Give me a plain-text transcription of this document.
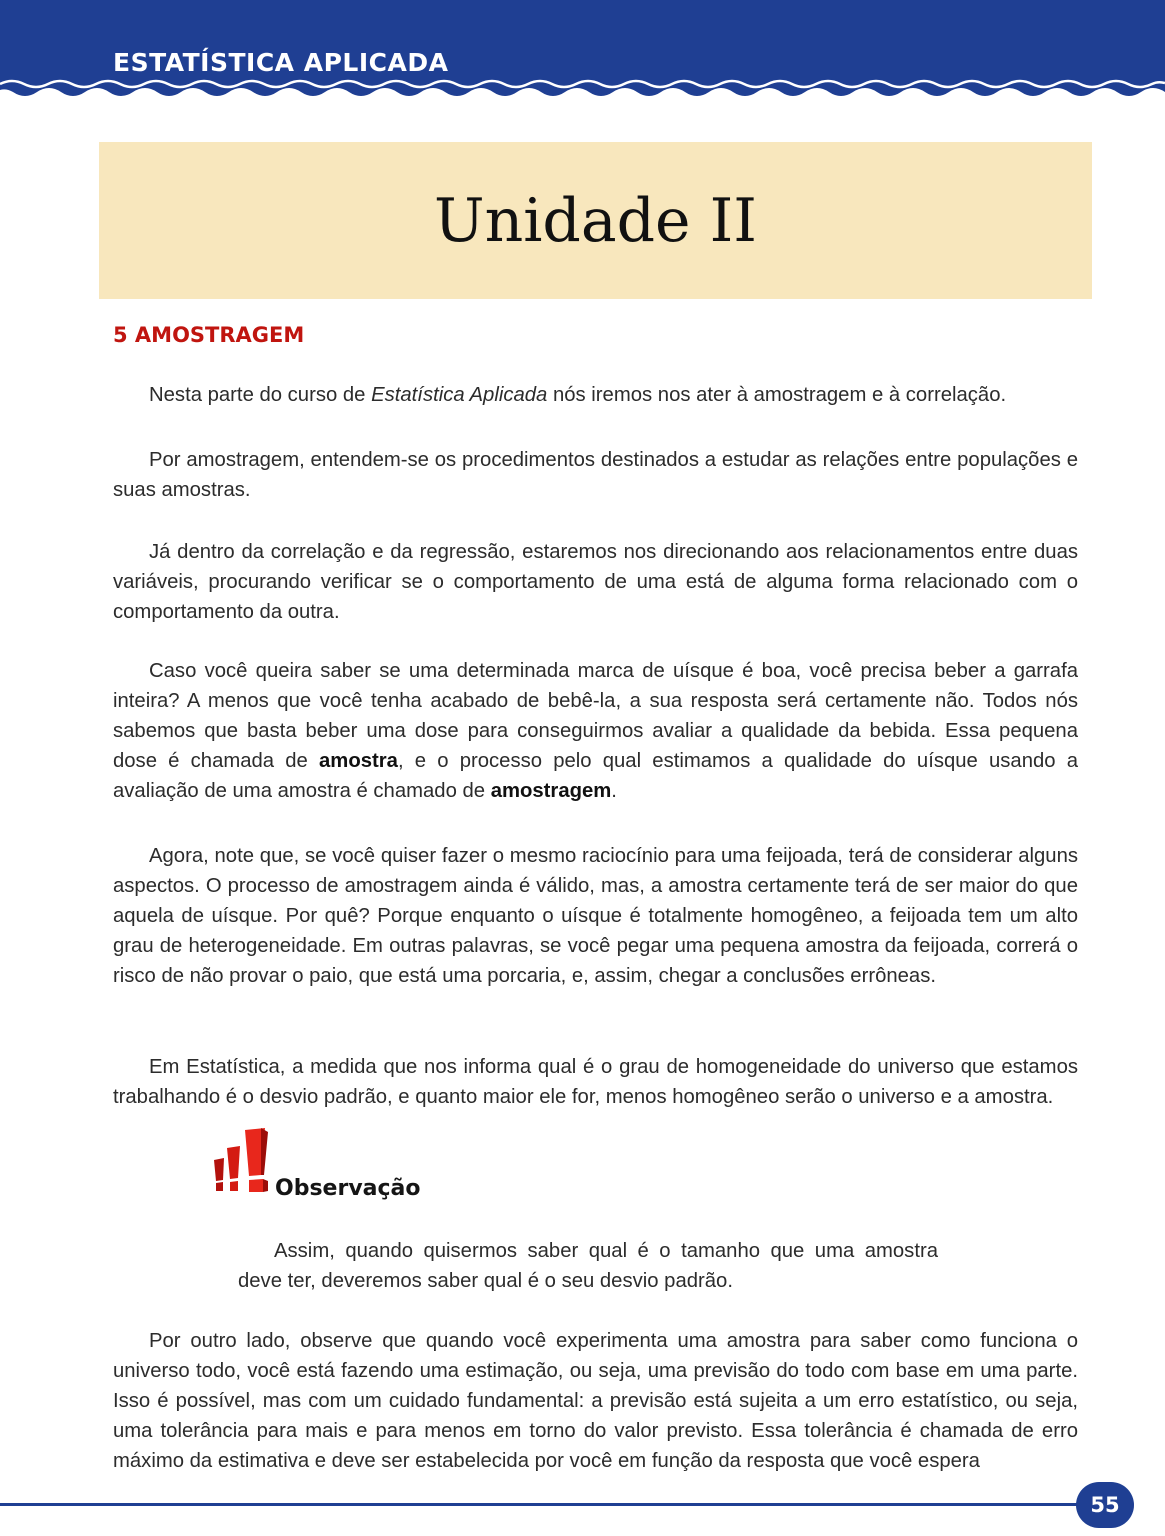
ESTATÍSTICA APLICADA
Unidade II
5 AMOSTRAGEM

Nesta parte do curso de Estatística Aplicada nós iremos nos ater à amostragem e à correlação.

Por amostragem, entendem-se os procedimentos destinados a estudar as relações entre populações e suas amostras.

Já dentro da correlação e da regressão, estaremos nos direcionando aos relacionamentos entre duas variáveis, procurando verificar se o comportamento de uma está de alguma forma relacionado com o comportamento da outra.

Caso você queira saber se uma determinada marca de uísque é boa, você precisa beber a garrafa inteira? A menos que você tenha acabado de bebê-la, a sua resposta será certamente não. Todos nós sabemos que basta beber uma dose para conseguirmos avaliar a qualidade da bebida. Essa pequena dose é chamada de amostra, e o processo pelo qual estimamos a qualidade do uísque usando a avaliação de uma amostra é chamado de amostragem.

Agora, note que, se você quiser fazer o mesmo raciocínio para uma feijoada, terá de considerar alguns aspectos. O processo de amostragem ainda é válido, mas, a amostra certamente terá de ser maior do que aquela de uísque. Por quê? Porque enquanto o uísque é totalmente homogêneo, a feijoada tem um alto grau de heterogeneidade. Em outras palavras, se você pegar uma pequena amostra da feijoada, correrá o risco de não provar o paio, que está uma porcaria, e, assim, chegar a conclusões errôneas.

Em Estatística, a medida que nos informa qual é o grau de homogeneidade do universo que estamos trabalhando é o desvio padrão, e quanto maior ele for, menos homogêneo serão o universo e a amostra.

Observação

Assim, quando quisermos saber qual é o tamanho que uma amostra deve ter, deveremos saber qual é o seu desvio padrão.

Por outro lado, observe que quando você experimenta uma amostra para saber como funciona o universo todo, você está fazendo uma estimação, ou seja, uma previsão do todo com base em uma parte. Isso é possível, mas com um cuidado fundamental: a previsão está sujeita a um erro estatístico, ou seja, uma tolerância para mais e para menos em torno do valor previsto. Essa tolerância é chamada de erro máximo da estimativa e deve ser estabelecida por você em função da resposta que você espera

55
